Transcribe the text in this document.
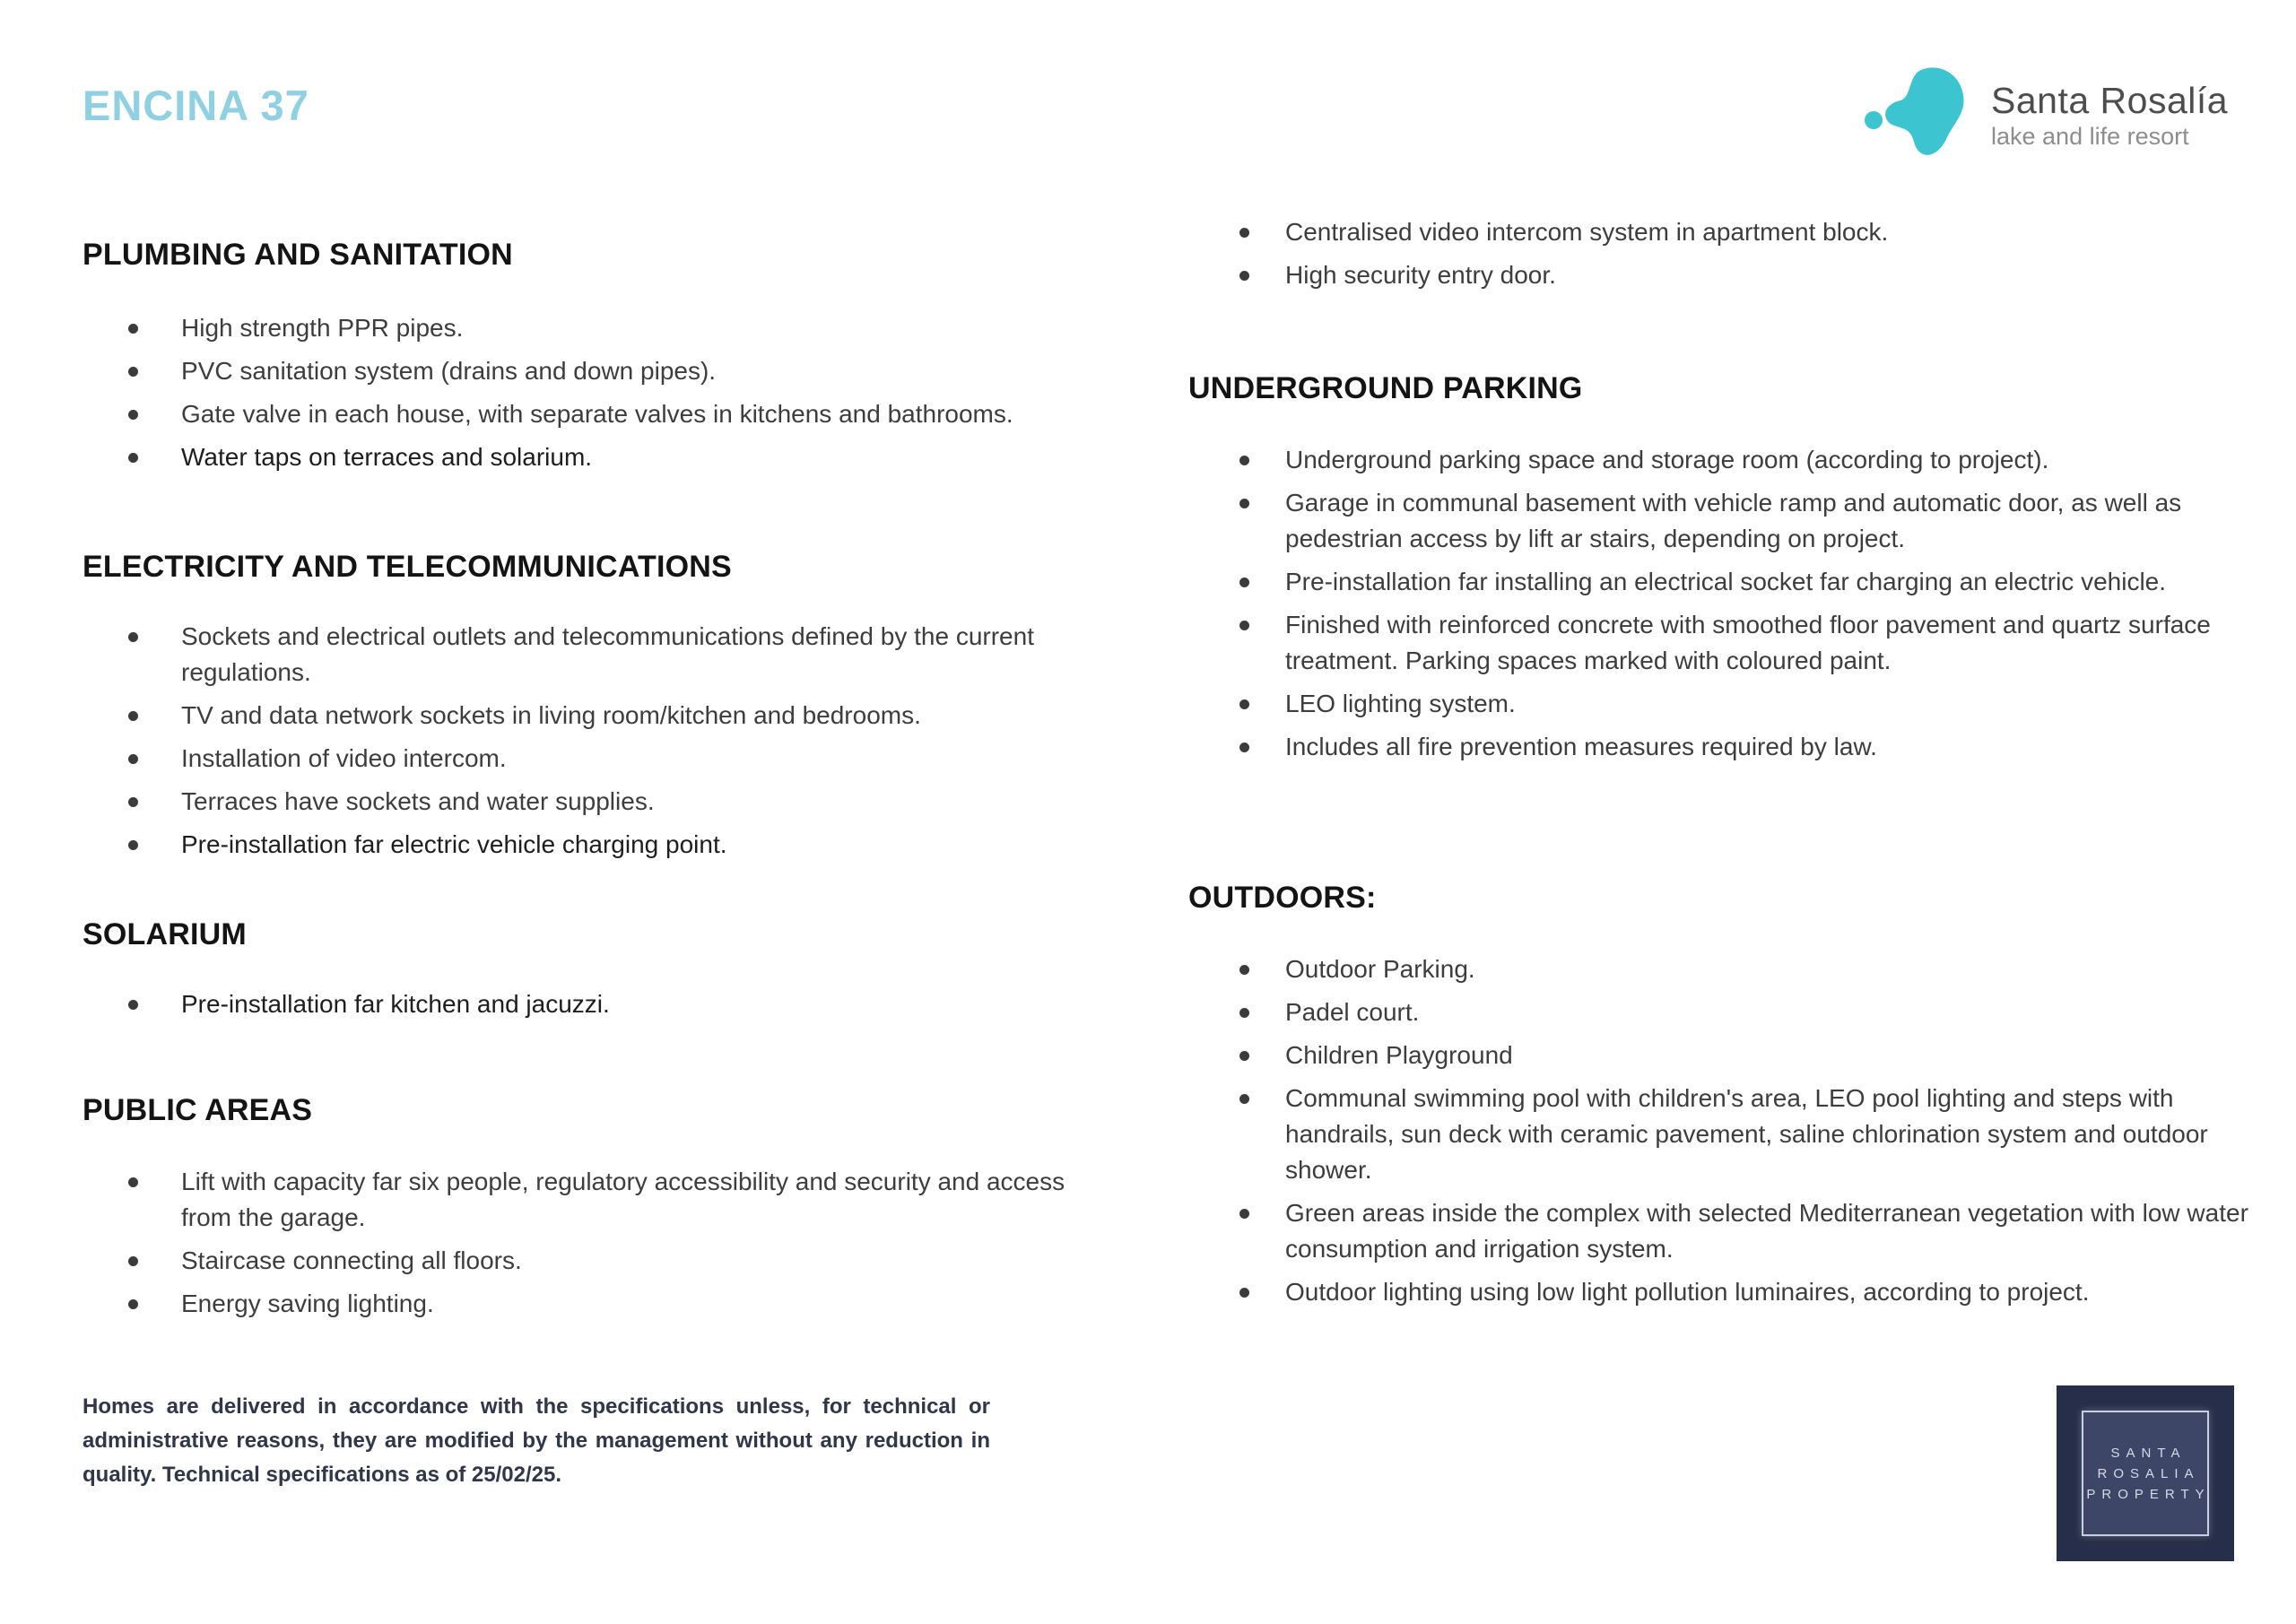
ENCINA 37	Santa Rosalía
lake and life resort
PLUMBING AND SANITATION
High strength PPR pipes.
PVC sanitation system (drains and down pipes).
Gate valve in each house, with separate valves in kitchens and bathrooms.
Water taps on terraces and solarium.
ELECTRICITY AND TELECOMMUNICATIONS
Sockets and electrical outlets and telecommunications defined by the current regulations.
TV and data network sockets in living room/kitchen and bedrooms.
Installation of video intercom.
Terraces have sockets and water supplies.
Pre-installation far electric vehicle charging point.
SOLARIUM
Pre-installation far kitchen and jacuzzi.
PUBLIC AREAS
Lift with capacity far six people, regulatory accessibility and security and access from the garage.
Staircase connecting all floors.
Energy saving lighting.

Homes are delivered in accordance with the specifications unless, for technical or administrative reasons, they are modified by the management without any reduction in quality. Technical specifications as of 25/02/25.

Centralised video intercom system in apartment block.
High security entry door.
UNDERGROUND PARKING
Underground parking space and storage room (according to project).
Garage in communal basement with vehicle ramp and automatic door, as well as pedestrian access by lift ar stairs, depending on project.
Pre-installation far installing an electrical socket far charging an electric vehicle.
Finished with reinforced concrete with smoothed floor pavement and quartz surface treatment. Parking spaces marked with coloured paint.
LEO lighting system.
Includes all fire prevention measures required by law.
OUTDOORS:
Outdoor Parking.
Padel court.
Children Playground
Communal swimming pool with children's area, LEO pool lighting and steps with handrails, sun deck with ceramic pavement, saline chlorination system and outdoor shower.
Green areas inside the complex with selected Mediterranean vegetation with low water consumption and irrigation system.
Outdoor lighting using low light pollution luminaires, according to project.
SANTA
ROSALIA
PROPERTY
